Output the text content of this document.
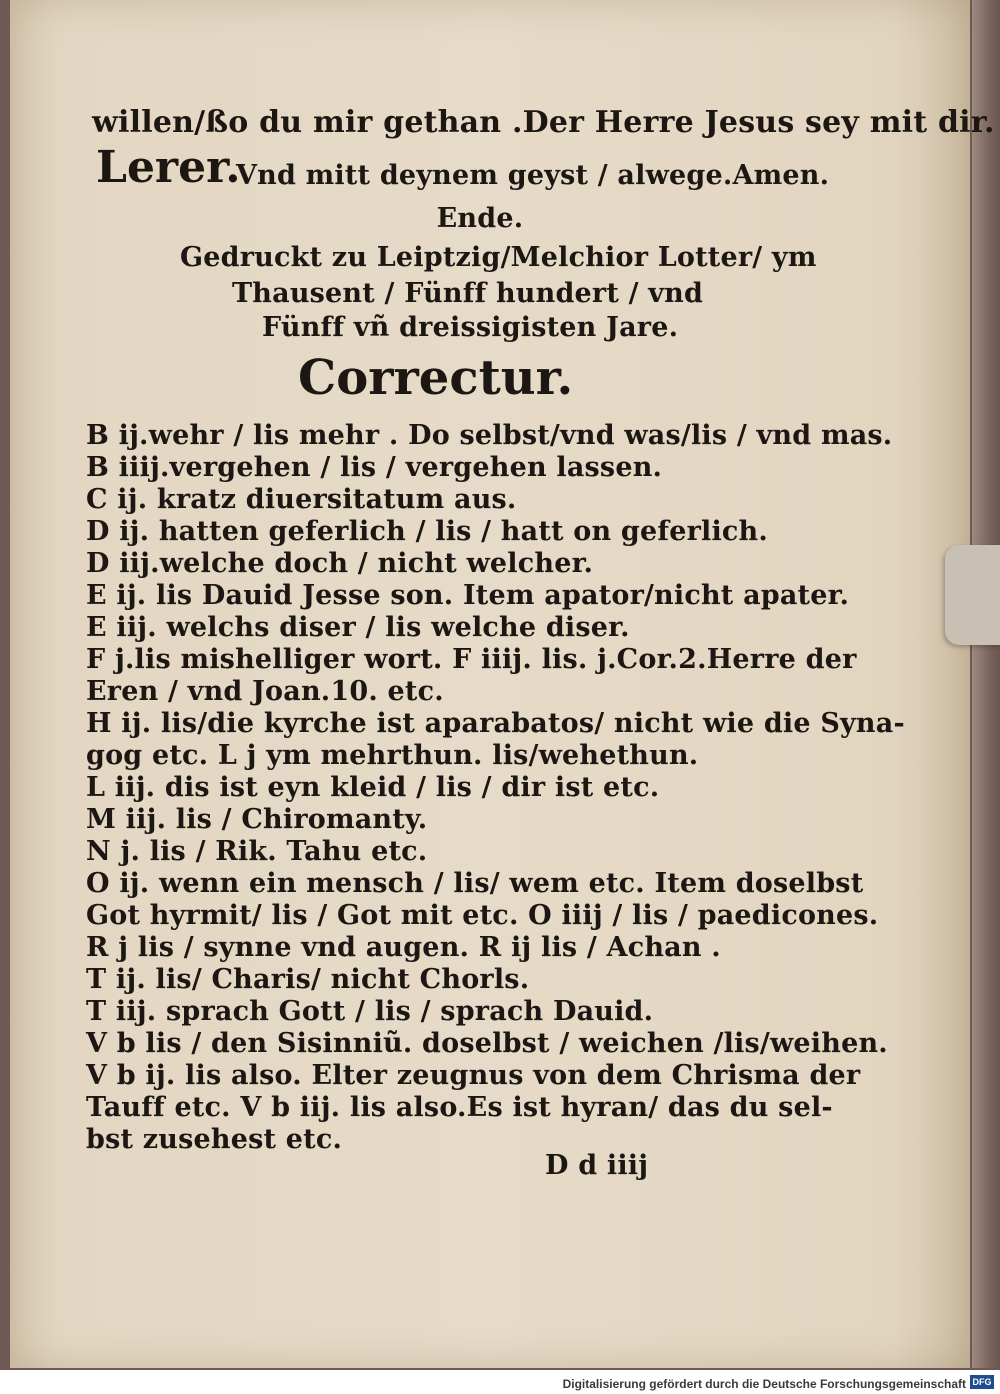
willen/ßo du mir gethan .Der Herre Jesus sey mit dir.
Lerer.
Vnd mitt deynem geyst / alwege.Amen.
Ende.
Gedruckt zu Leiptzig/Melchior Lotter/ ym
Thausent / Fünff hundert / vnd
Fünff vñ dreissigisten Jare.
Correctur.
B ij.wehr / lis mehr . Do selbst/vnd was/lis / vnd mas.
B iiij.vergehen / lis / vergehen lassen.
C ij. kratz diuersitatum aus.
D ij. hatten geferlich / lis / hatt on geferlich.
D iij.welche doch / nicht welcher.
E ij. lis Dauid Jesse son. Item apator/nicht apater.
E iij. welchs diser / lis welche diser.
F j.lis mishelliger wort. F iiij. lis. j.Cor.2.Herre der
Eren / vnd Joan.10. etc.
H ij. lis/die kyrche ist aparabatos/ nicht wie die Syna-
gog etc. L j ym mehrthun. lis/wehethun.
L iij. dis ist eyn kleid / lis / dir ist etc.
M iij. lis / Chiromanty.
N j. lis / Rik. Tahu etc.
O ij. wenn ein mensch / lis/ wem etc. Item doselbst
Got hyrmit/ lis / Got mit etc. O iiij / lis / paedicones.
R j lis / synne vnd augen. R ij lis / Achan .
T ij. lis/ Charis/ nicht Chorls.
T iij. sprach Gott / lis / sprach Dauid.
V b lis / den Sisinniũ. doselbst / weichen /lis/weihen.
V b ij. lis also. Elter zeugnus von dem Chrisma der
Tauff etc. V b iij. lis also.Es ist hyran/ das du sel-
bst zusehest etc.
D d iiij
Digitalisierung gefördert durch die Deutsche Forschungsgemeinschaft DFG
